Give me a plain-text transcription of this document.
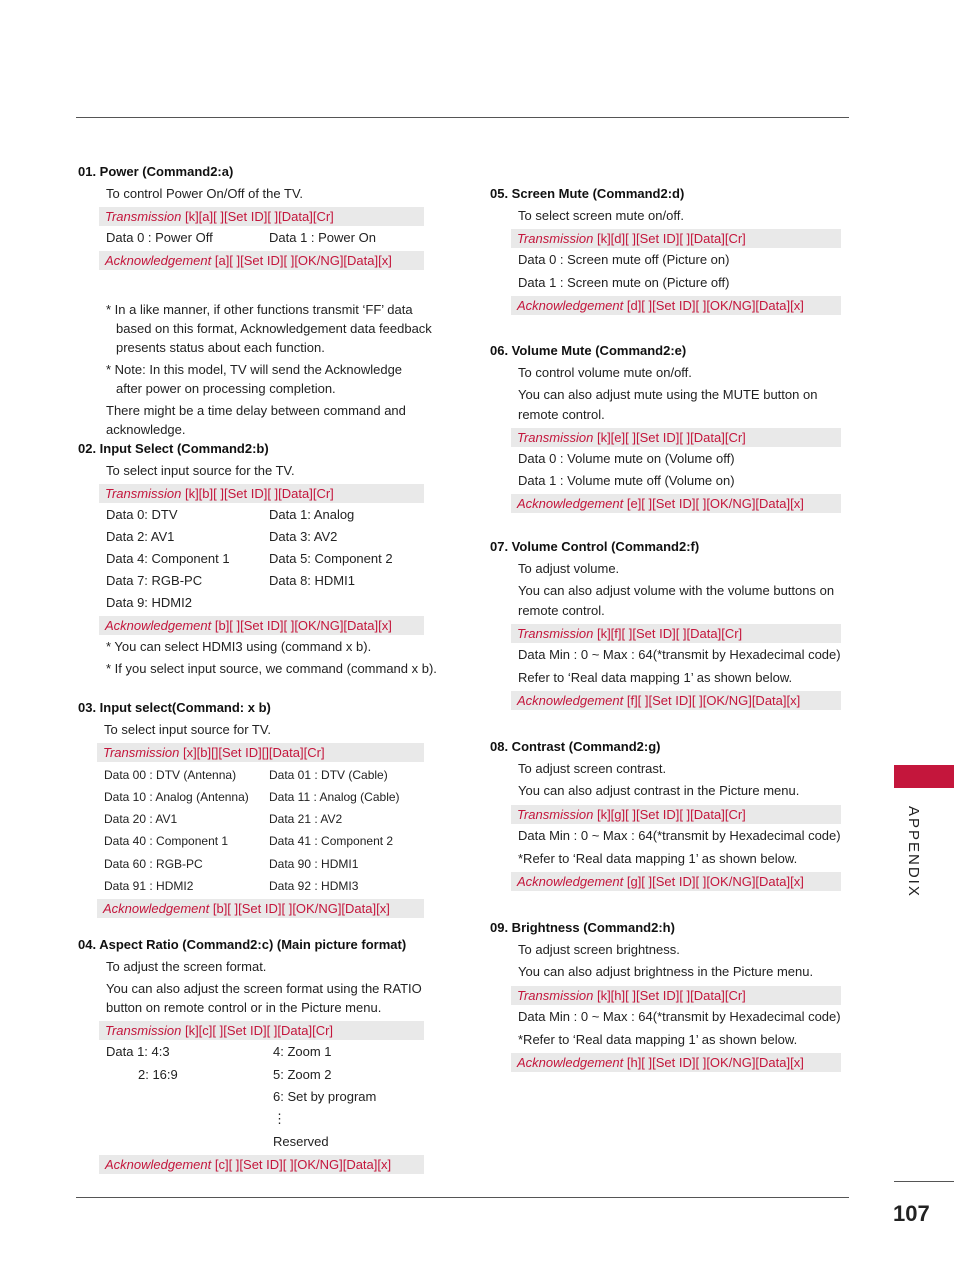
01. Power (Command2:a)
To control Power On/Off of the TV.
Transmission [k][a][ ][Set ID][ ][Data][Cr]
Data 0 : Power Off	Data 1 : Power On
Acknowledgement [a][ ][Set ID][ ][OK/NG][Data][x]
* In a like manner, if other functions transmit ‘FF’ data
based on this format, Acknowledgement data feedback
presents status about each function.
* Note: In this model, TV will send the Acknowledge
after power on processing completion.
There might be a time delay between command and
acknowledge.
02. Input Select (Command2:b)
To select input source for the TV.
Transmission [k][b][ ][Set ID][ ][Data][Cr]
Data 0: DTV	Data 1: Analog
Data 2: AV1	Data 3: AV2
Data 4: Component 1	Data 5: Component 2
Data 7: RGB-PC	Data 8: HDMI1
Data 9: HDMI2
Acknowledgement [b][ ][Set ID][ ][OK/NG][Data][x]
* You can select HDMI3 using (command x b).
* If you select input source, we command (command x b).
03. Input select(Command: x b)
To select input source for TV.
Transmission [x][b][][Set ID][][Data][Cr]
Data 00 : DTV (Antenna)	Data 01 : DTV (Cable)
Data 10 : Analog (Antenna) Data 11 : Analog (Cable)
Data 20 : AV1	Data 21 : AV2
Data 40 : Component 1	Data 41 : Component 2
Data 60 : RGB-PC	Data 90 : HDMI1
Data 91 : HDMI2	Data 92 : HDMI3
Acknowledgement [b][ ][Set ID][ ][OK/NG][Data][x]
04. Aspect Ratio (Command2:c) (Main picture format)
To adjust the screen format.
You can also adjust the screen format using the RATIO
button on remote control or in the Picture menu.
Transmission [k][c][ ][Set ID][ ][Data][Cr]
Data 1: 4:3	4: Zoom 1
2: 16:9	5: Zoom 2
6: Set by program
⋮
Reserved
Acknowledgement [c][ ][Set ID][ ][OK/NG][Data][x]
05. Screen Mute (Command2:d)
To select screen mute on/off.
Transmission [k][d][ ][Set ID][ ][Data][Cr]
Data 0 : Screen mute off (Picture on)
Data 1 : Screen mute on (Picture off)
Acknowledgement [d][ ][Set ID][ ][OK/NG][Data][x]
06. Volume Mute (Command2:e)
To control volume mute on/off.
You can also adjust mute using the MUTE button on
remote control.
Transmission [k][e][ ][Set ID][ ][Data][Cr]
Data 0 : Volume mute on (Volume off)
Data 1 : Volume mute off (Volume on)
Acknowledgement [e][ ][Set ID][ ][OK/NG][Data][x]
07. Volume Control (Command2:f)
To adjust volume.
You can also adjust volume with the volume buttons on
remote control.
Transmission [k][f][ ][Set ID][ ][Data][Cr]
Data Min : 0 ~ Max : 64(*transmit by Hexadecimal code)
Refer to ‘Real data mapping 1’ as shown below.
Acknowledgement [f][ ][Set ID][ ][OK/NG][Data][x]
08. Contrast (Command2:g)
To adjust screen contrast.
You can also adjust contrast in the Picture menu.
Transmission [k][g][ ][Set ID][ ][Data][Cr]
Data Min : 0 ~ Max : 64(*transmit by Hexadecimal code)
*Refer to ‘Real data mapping 1’ as shown below.
Acknowledgement [g][ ][Set ID][ ][OK/NG][Data][x]
09. Brightness (Command2:h)
To adjust screen brightness.
You can also adjust brightness in the Picture menu.
Transmission [k][h][ ][Set ID][ ][Data][Cr]
Data Min : 0 ~ Max : 64(*transmit by Hexadecimal code)
*Refer to ‘Real data mapping 1’ as shown below.
Acknowledgement [h][ ][Set ID][ ][OK/NG][Data][x]
APPENDIX
107
